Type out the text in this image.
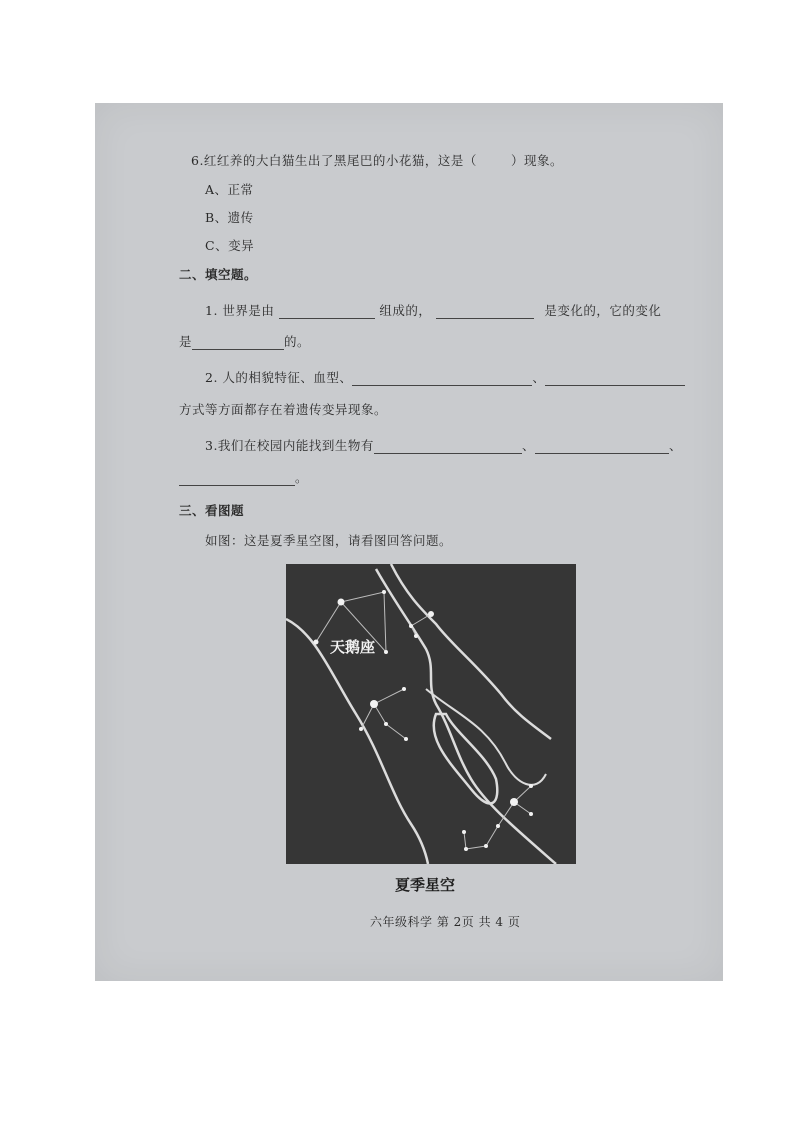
6.红红养的大白猫生出了黑尾巴的小花猫，这是（	）现象。
A、正常
B、遗传
C、变异
二、填空题。
1. 世界是由	组成的，	是变化的，它的变化
是	的。
2. 人的相貌特征、血型、	、
方式等方面都存在着遗传变异现象。
3.我们在校园内能找到生物有	、	、
。
三、看图题
如图：这是夏季星空图，请看图回答问题。
天鹅座
夏季星空
六年级科学 第 2页 共 4 页
